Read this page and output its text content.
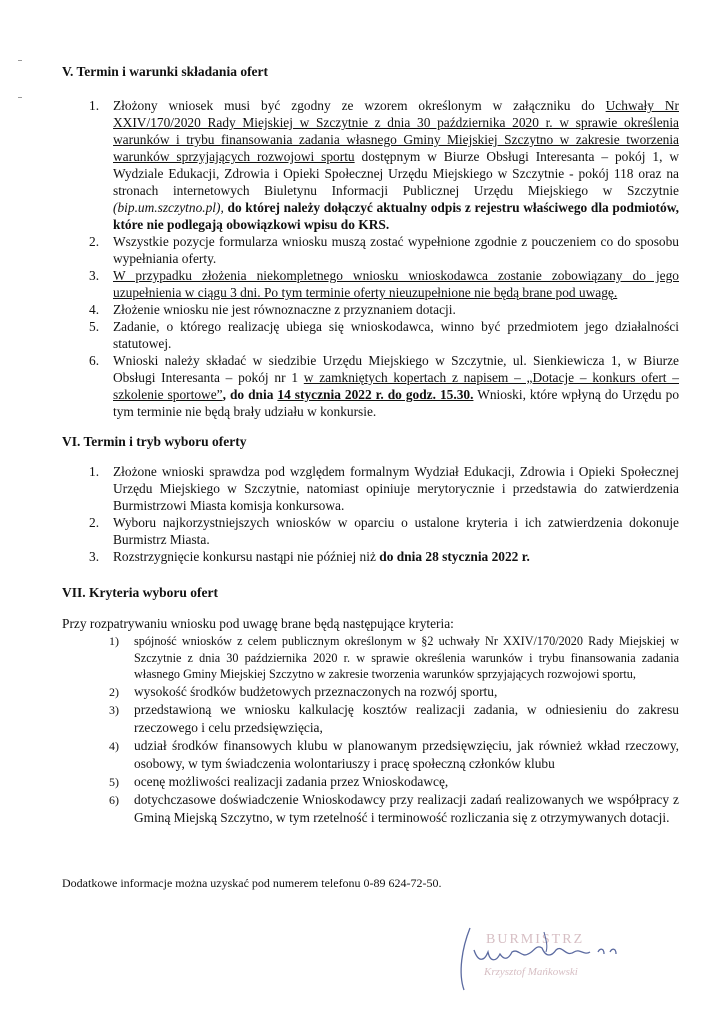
V. Termin i warunki składania ofert
1. Złożony wniosek musi być zgodny ze wzorem określonym w załączniku do Uchwały Nr XXIV/170/2020 Rady Miejskiej w Szczytnie z dnia 30 października 2020 r. w sprawie określenia warunków i trybu finansowania zadania własnego Gminy Miejskiej Szczytno w zakresie tworzenia warunków sprzyjających rozwojowi sportu dostępnym w Biurze Obsługi Interesanta – pokój 1, w Wydziale Edukacji, Zdrowia i Opieki Społecznej Urzędu Miejskiego w Szczytnie - pokój 118 oraz na stronach internetowych Biuletynu Informacji Publicznej Urzędu Miejskiego w Szczytnie (bip.um.szczytno.pl), do której należy dołączyć aktualny odpis z rejestru właściwego dla podmiotów, które nie podlegają obowiązkowi wpisu do KRS.
2. Wszystkie pozycje formularza wniosku muszą zostać wypełnione zgodnie z pouczeniem co do sposobu wypełniania oferty.
3. W przypadku złożenia niekompletnego wniosku wnioskodawca zostanie zobowiązany do jego uzupełnienia w ciągu 3 dni. Po tym terminie oferty nieuzupełnione nie będą brane pod uwagę.
4. Złożenie wniosku nie jest równoznaczne z przyznaniem dotacji.
5. Zadanie, o którego realizację ubiega się wnioskodawca, winno być przedmiotem jego działalności statutowej.
6. Wnioski należy składać w siedzibie Urzędu Miejskiego w Szczytnie, ul. Sienkiewicza 1, w Biurze Obsługi Interesanta – pokój nr 1 w zamkniętych kopertach z napisem – „Dotacje – konkurs ofert – szkolenie sportowe”, do dnia 14 stycznia 2022 r. do godz. 15.30. Wnioski, które wpłyną do Urzędu po tym terminie nie będą brały udziału w konkursie.
VI. Termin i tryb wyboru oferty
1. Złożone wnioski sprawdza pod względem formalnym Wydział Edukacji, Zdrowia i Opieki Społecznej Urzędu Miejskiego w Szczytnie, natomiast opiniuje merytorycznie i przedstawia do zatwierdzenia Burmistrzowi Miasta komisja konkursowa.
2. Wyboru najkorzystniejszych wniosków w oparciu o ustalone kryteria i ich zatwierdzenia dokonuje Burmistrz Miasta.
3. Rozstrzygnięcie konkursu nastąpi nie później niż do dnia 28 stycznia 2022 r.
VII. Kryteria wyboru ofert

Przy rozpatrywaniu wniosku pod uwagę brane będą następujące kryteria:

1) spójność wniosków z celem publicznym określonym w §2 uchwały Nr XXIV/170/2020 Rady Miejskiej w Szczytnie z dnia 30 października 2020 r. w sprawie określenia warunków i trybu finansowania zadania własnego Gminy Miejskiej Szczytno w zakresie tworzenia warunków sprzyjających rozwojowi sportu,
2) wysokość środków budżetowych przeznaczonych na rozwój sportu,
3) przedstawioną we wniosku kalkulację kosztów realizacji zadania, w odniesieniu do zakresu rzeczowego i celu przedsięwzięcia,
4) udział środków finansowych klubu w planowanym przedsięwzięciu, jak również wkład rzeczowy, osobowy, w tym świadczenia wolontariuszy i pracę społeczną członków klubu
5) ocenę możliwości realizacji zadania przez Wnioskodawcę,
6) dotychczasowe doświadczenie Wnioskodawcy przy realizacji zadań realizowanych we współpracy z Gminą Miejską Szczytno, w tym rzetelność i terminowość rozliczania się z otrzymywanych dotacji.

Dodatkowe informacje można uzyskać pod numerem telefonu 0-89 624-72-50.

BURMISTRZ
Krzysztof Mańkowski
